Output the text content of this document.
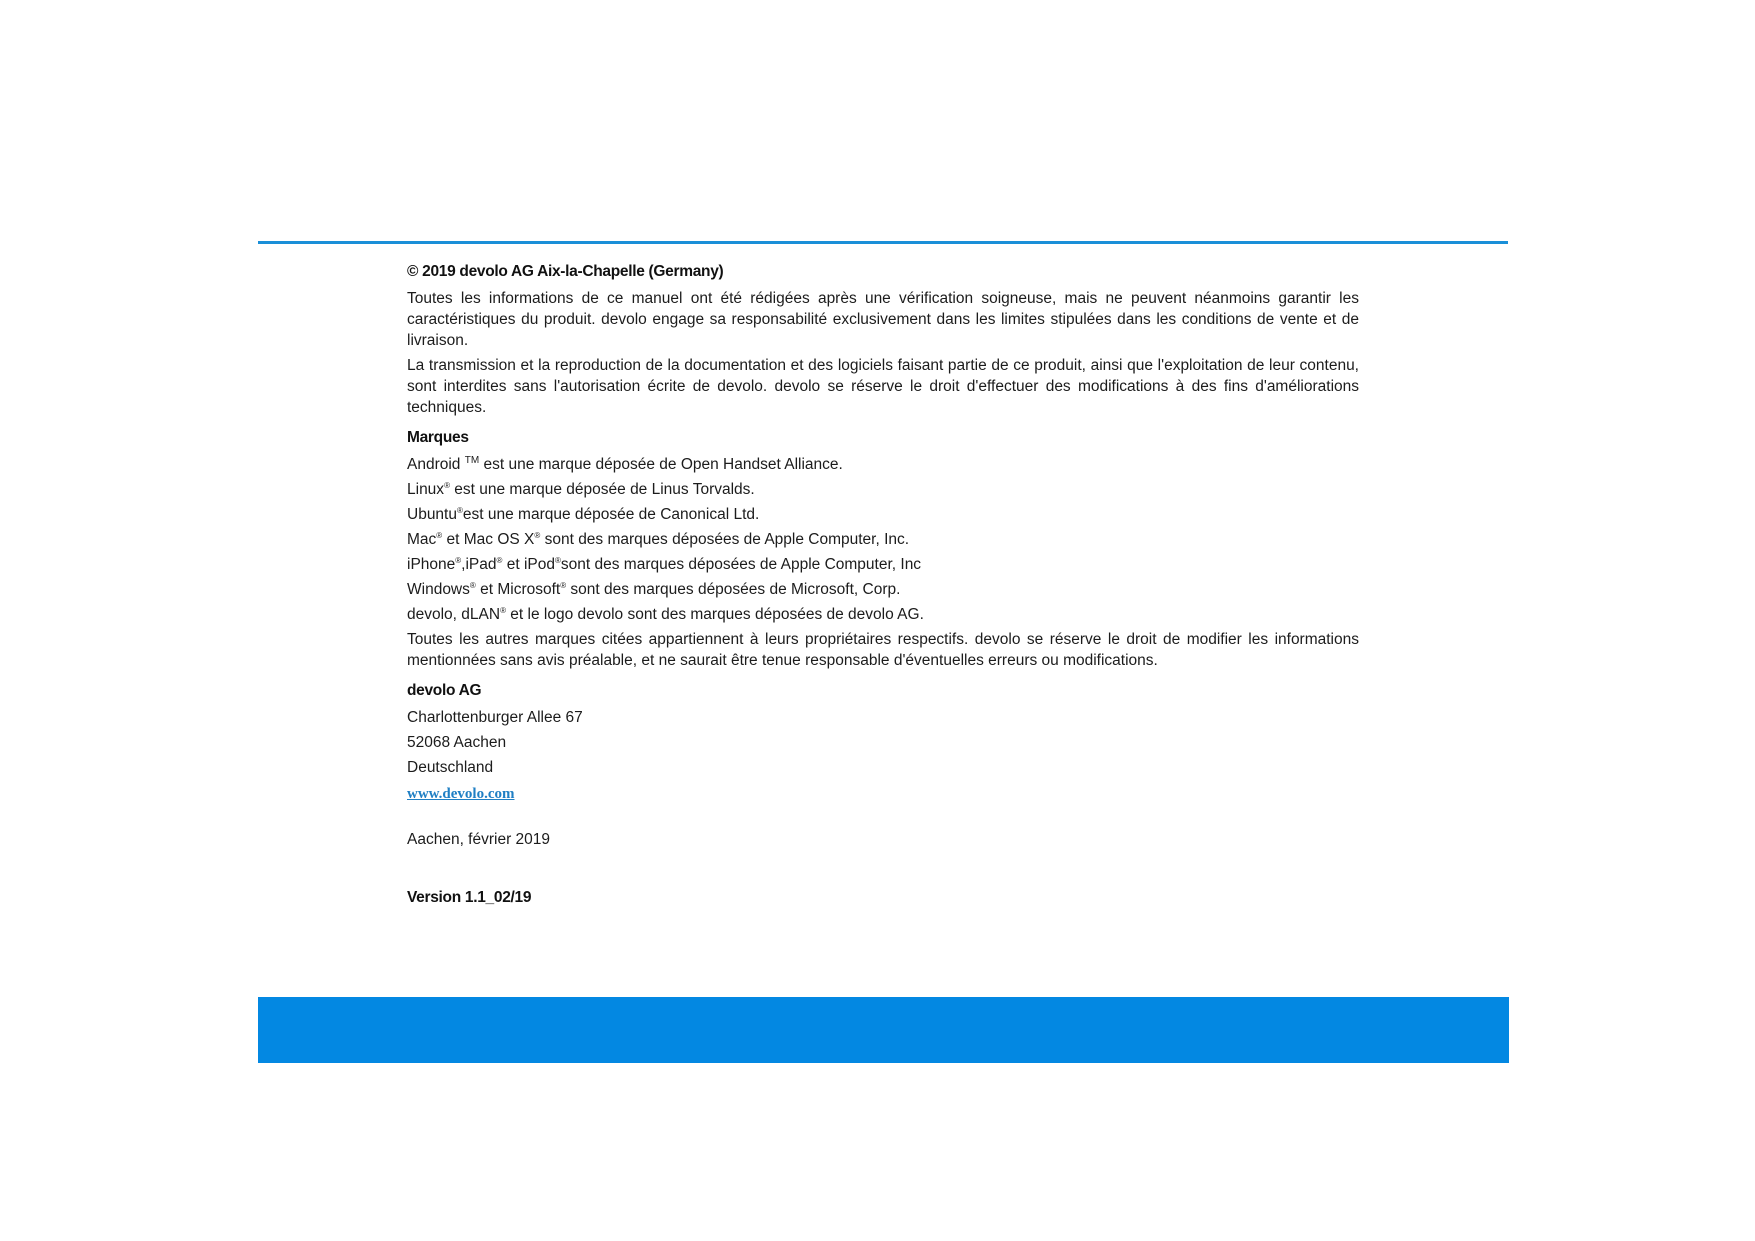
© 2019 devolo AG Aix-la-Chapelle (Germany)

Toutes les informations de ce manuel ont été rédigées après une vérification soigneuse, mais ne peuvent néanmoins garantir les caractéristiques du produit. devolo engage sa responsabilité exclusivement dans les limites stipulées dans les conditions de vente et de livraison.

La transmission et la reproduction de la documentation et des logiciels faisant partie de ce produit, ainsi que l'exploitation de leur contenu, sont interdites sans l'autorisation écrite de devolo. devolo se réserve le droit d'effectuer des modifications à des fins d'améliorations techniques.

Marques
Android ™ est une marque déposée de Open Handset Alliance.
Linux® est une marque déposée de Linus Torvalds.
Ubuntu®est une marque déposée de Canonical Ltd.
Mac® et Mac OS X® sont des marques déposées de Apple Computer, Inc.
iPhone®,iPad® et iPod®sont des marques déposées de Apple Computer, Inc
Windows® et Microsoft® sont des marques déposées de Microsoft, Corp.
devolo, dLAN® et le logo devolo sont des marques déposées de devolo AG.

Toutes les autres marques citées appartiennent à leurs propriétaires respectifs. devolo se réserve le droit de modifier les informations mentionnées sans avis préalable, et ne saurait être tenue responsable d'éventuelles erreurs ou modifications.

devolo AG
Charlottenburger Allee 67
52068 Aachen
Deutschland
www.devolo.com
Aachen, février 2019
Version 1.1_02/19
